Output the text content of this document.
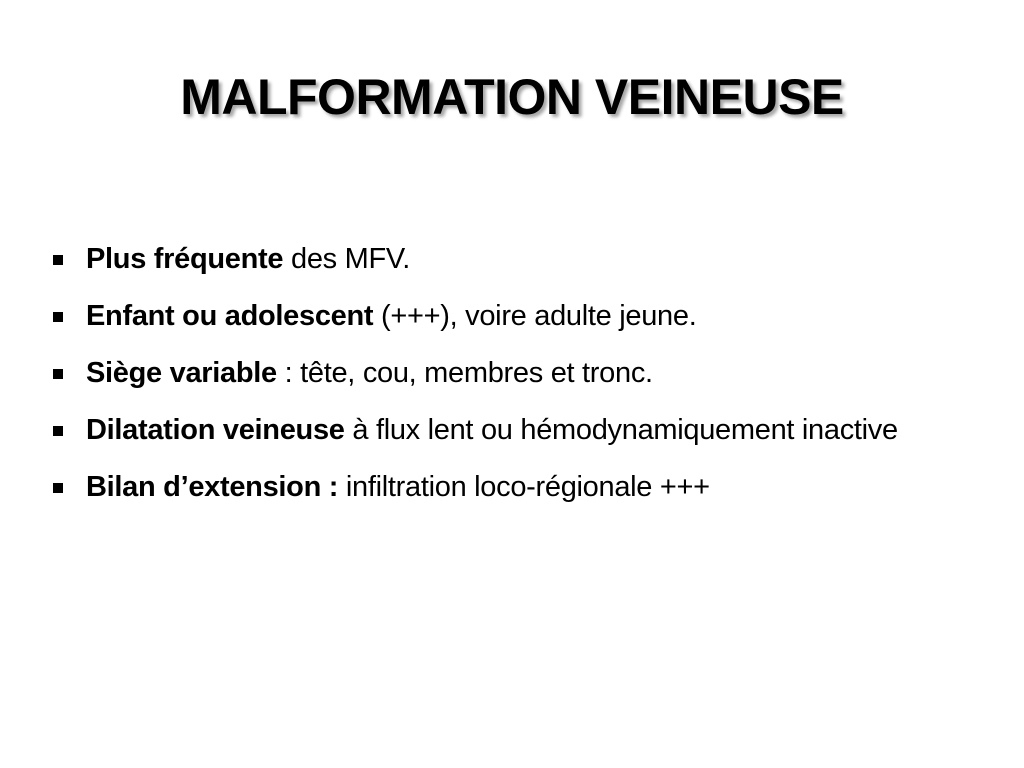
MALFORMATION VEINEUSE
Plus fréquente des MFV.
Enfant ou adolescent (+++), voire adulte jeune.
Siège variable : tête, cou, membres et tronc.
Dilatation veineuse à flux lent ou hémodynamiquement inactive
Bilan d’extension : infiltration loco-régionale +++
